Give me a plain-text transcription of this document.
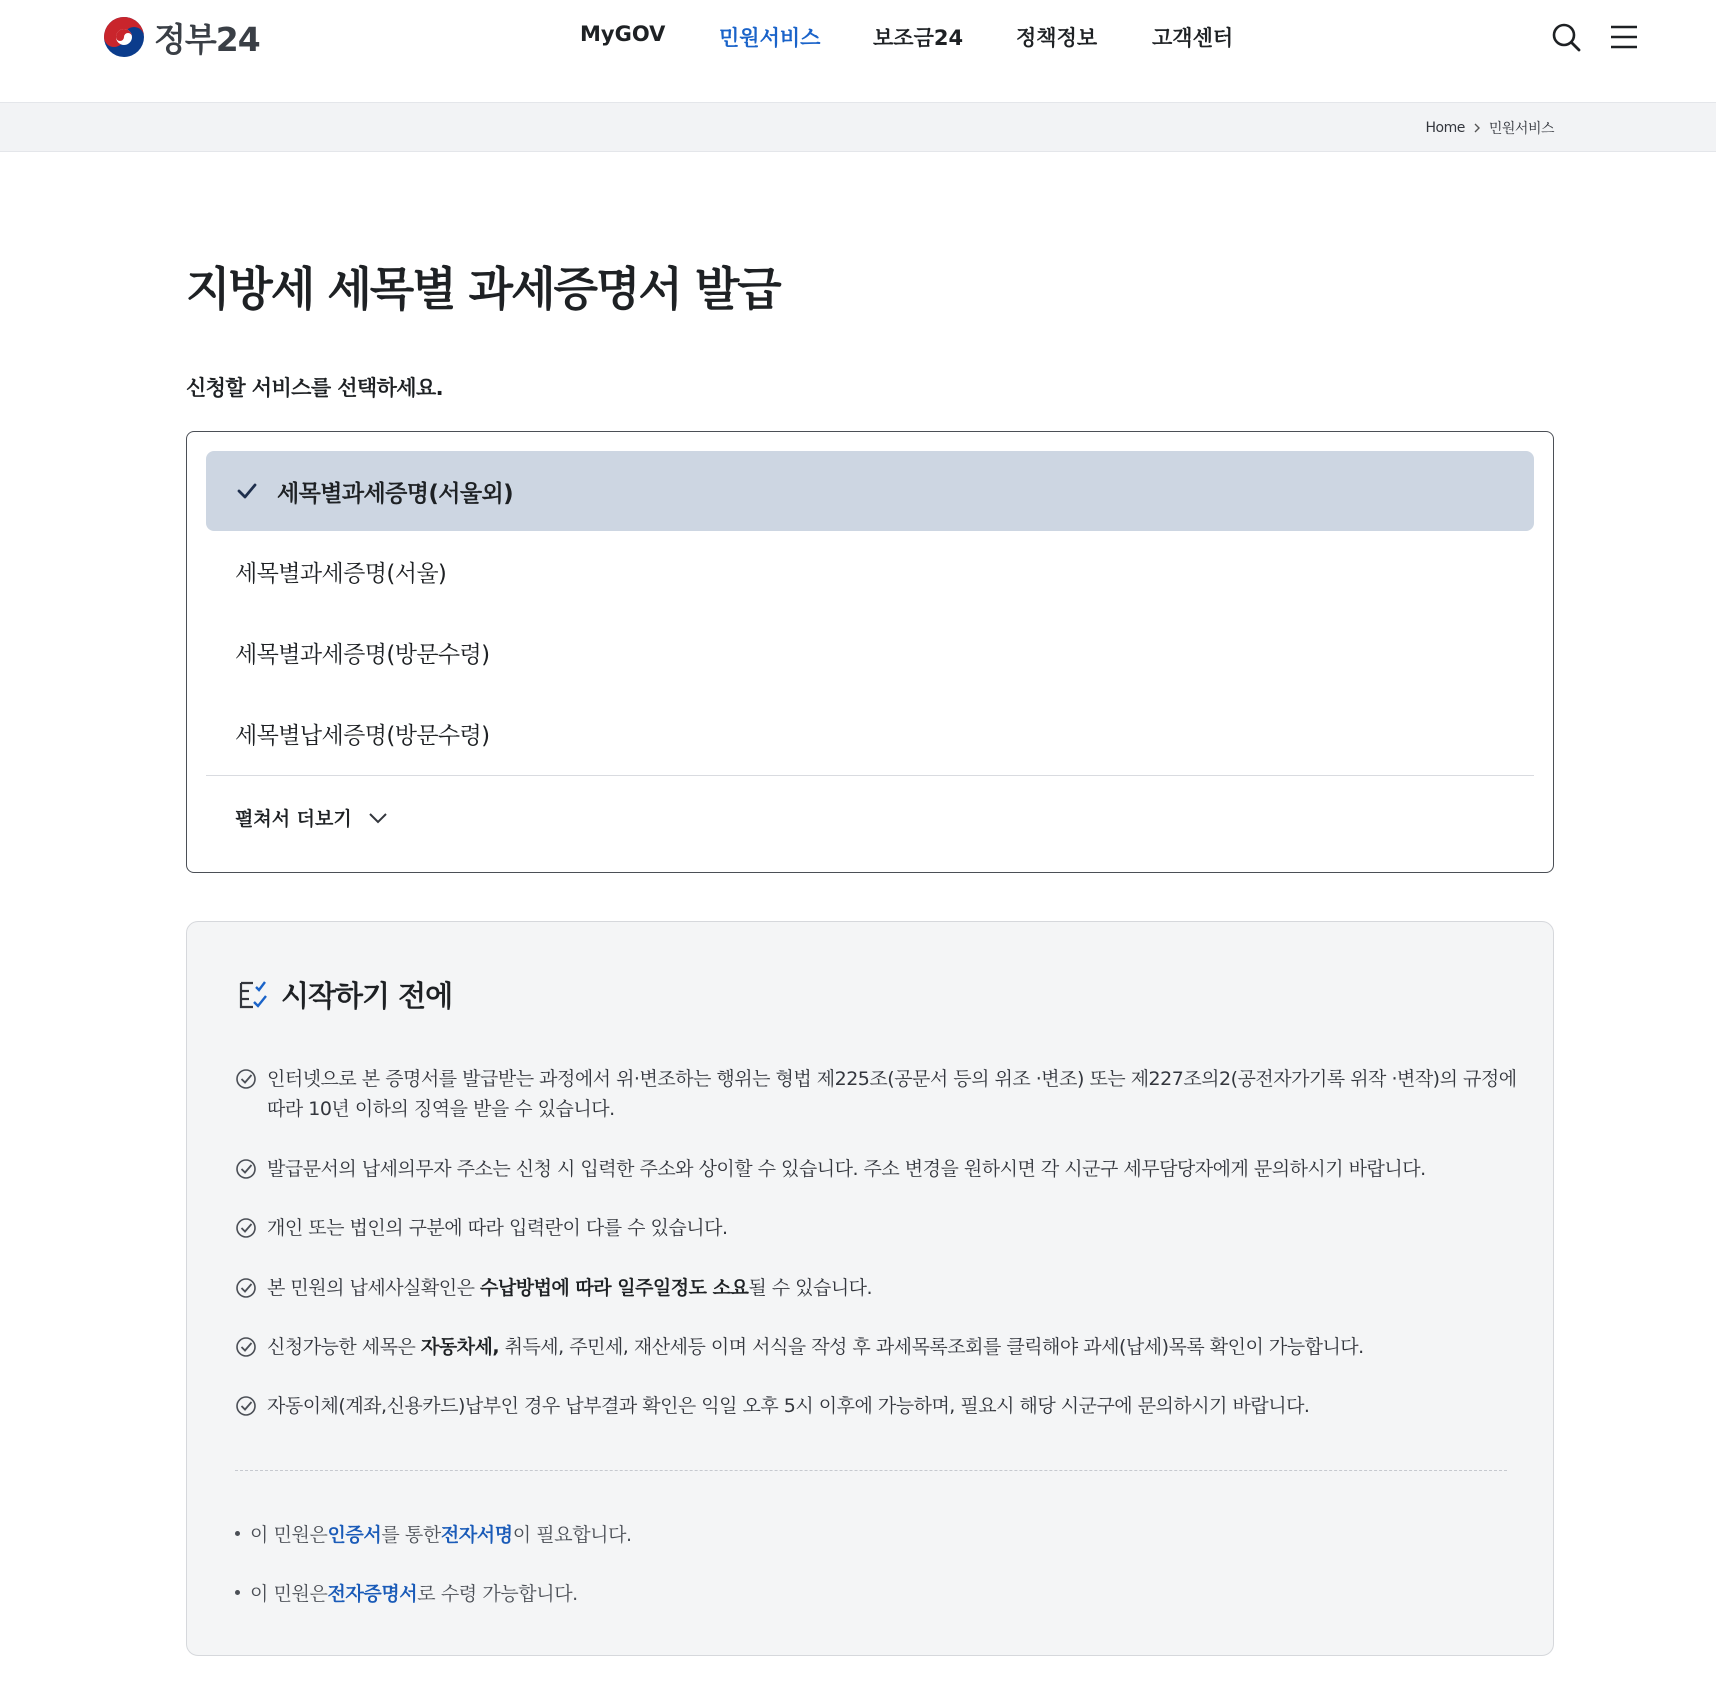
정부24	MyGOV	민원서비스	보조금24	정책정보	고객센터
Home 민원서비스
지방세 세목별 과세증명서 발급

신청할 서비스를 선택하세요.

세목별과세증명(서울외)
세목별과세증명(서울)
세목별과세증명(방문수령)
세목별납세증명(방문수령)
펼쳐서 더보기
시작하기 전에
인터넷으로 본 증명서를 발급받는 과정에서 위·변조하는 행위는 형법 제225조(공문서 등의 위조 ·변조) 또는 제227조의2(공전자가기록 위작 ·변작)의 규정에
따라 10년 이하의 징역을 받을 수 있습니다.
발급문서의 납세의무자 주소는 신청 시 입력한 주소와 상이할 수 있습니다. 주소 변경을 원하시면 각 시군구 세무담당자에게 문의하시기 바랍니다.
개인 또는 법인의 구분에 따라 입력란이 다를 수 있습니다.
본 민원의 납세사실확인은 수납방법에 따라 일주일정도 소요될 수 있습니다.
신청가능한 세목은 자동차세, 취득세, 주민세, 재산세등 이며 서식을 작성 후 과세목록조회를 클릭해야 과세(납세)목록 확인이 가능합니다.
자동이체(계좌,신용카드)납부인 경우 납부결과 확인은 익일 오후 5시 이후에 가능하며, 필요시 해당 시군구에 문의하시기 바랍니다.
이 민원은 인증서 를 통한 전자서명 이 필요합니다.
이 민원은 전자증명서 로 수령 가능합니다.
